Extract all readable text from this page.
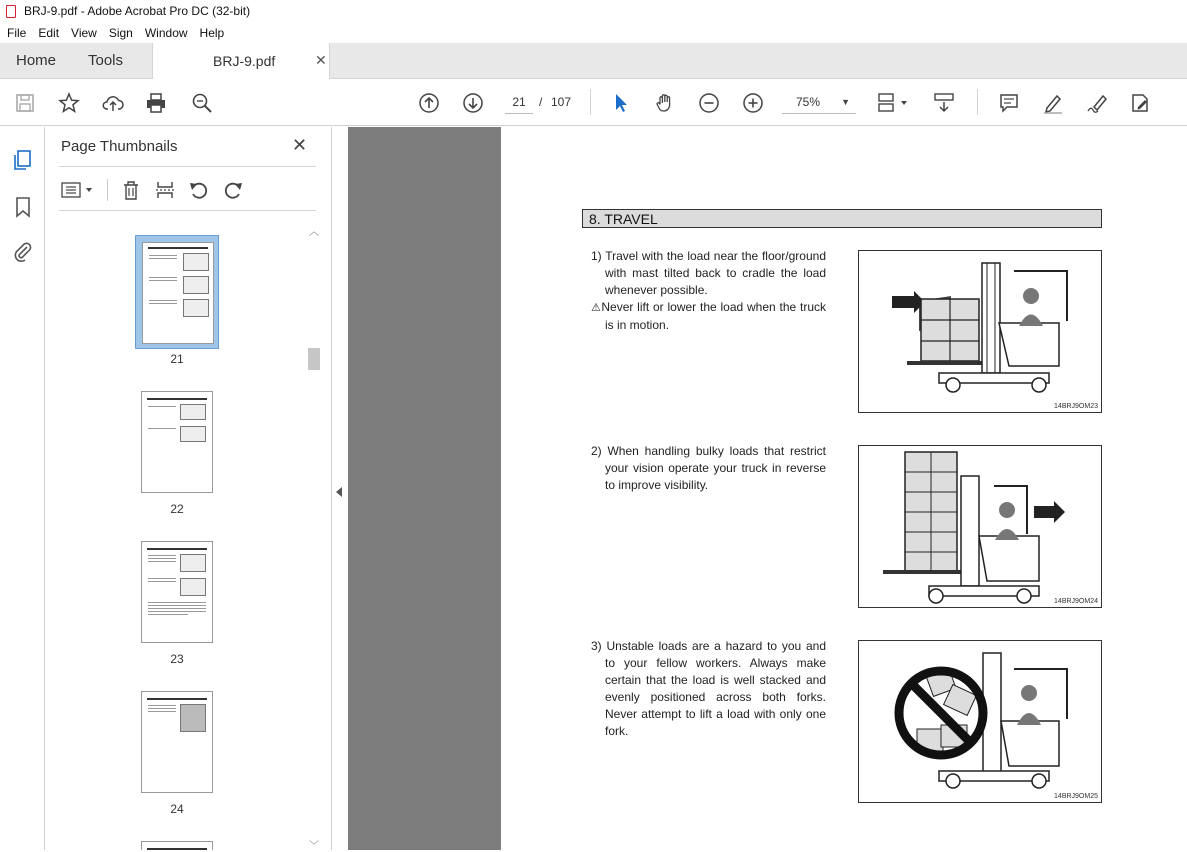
BRJ-9.pdf - Adobe Acrobat Pro DC (32-bit)
File	Edit	View	Sign	Window	Help
Home Tools	BRJ-9.pdf	✕
21	/ 107	75% ▼
Page Thumbnails	✕
21
22
23
24
︿
﹀
8. TRAVEL

1) Travel with the load near the floor/ground with mast tilted back to cradle the load whenever possible.

⚠Never lift or lower the load when the truck is in motion.

14BRJ9OM23

2) When handling bulky loads that restrict your vision operate your truck in reverse to improve visibility.

14BRJ9OM24

3) Unstable loads are a hazard to you and to your fellow workers. Always make certain that the load is well stacked and evenly positioned across both forks. Never attempt to lift a load with only one fork.

14BRJ9OM25
